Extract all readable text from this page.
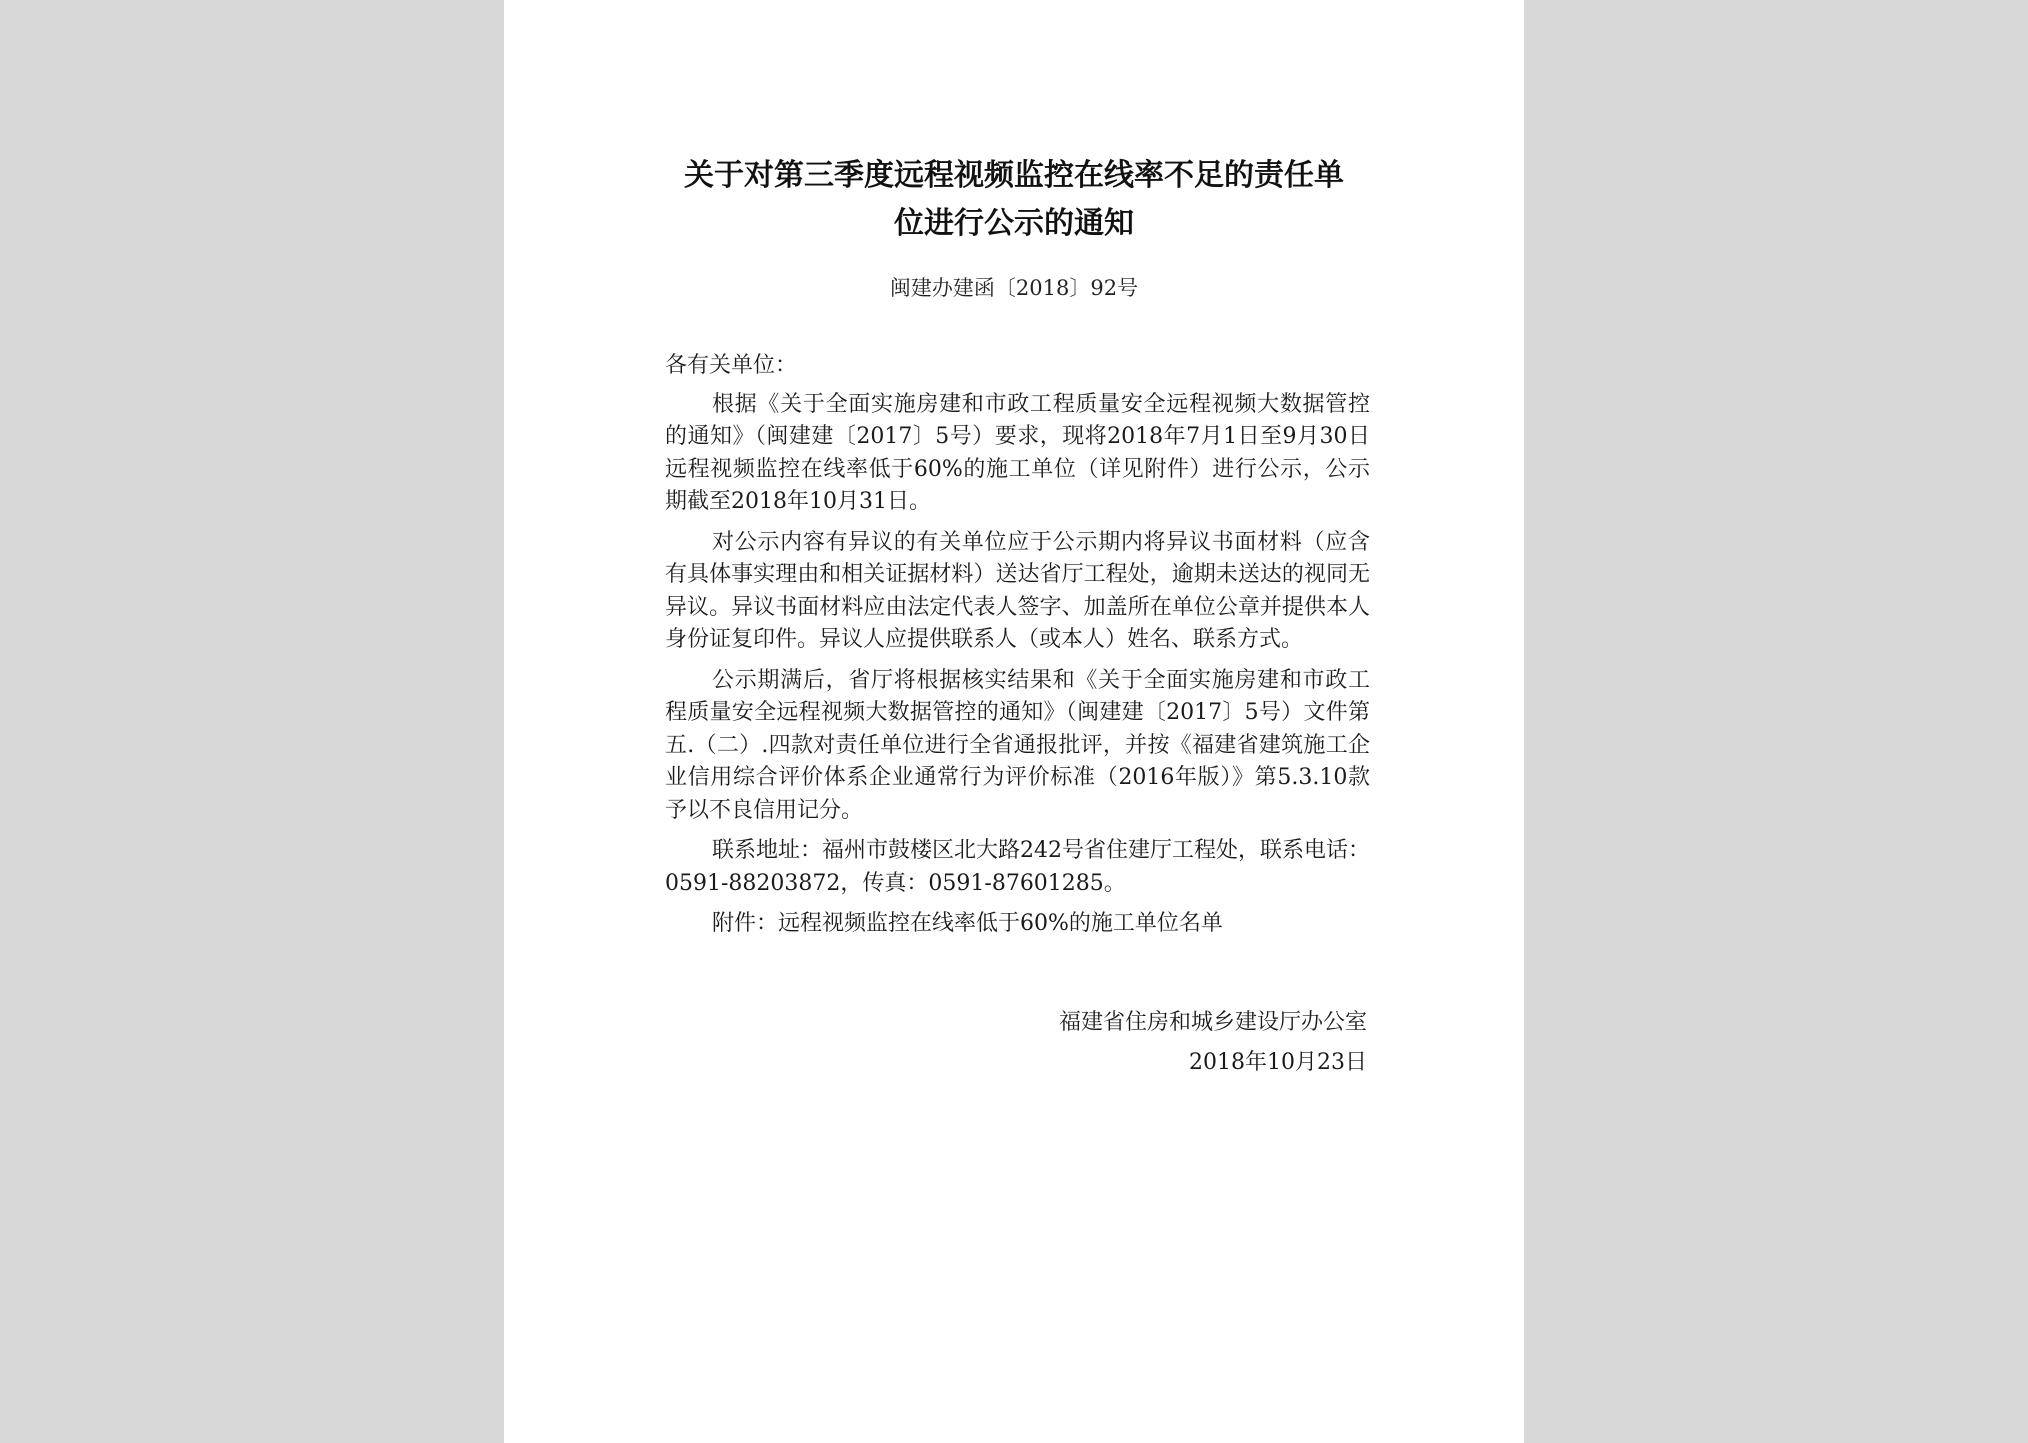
关于对第三季度远程视频监控在线率不足的责任单
位进行公示的通知

闽建办建函〔2018〕92号

各有关单位：

根据《关于全面实施房建和市政工程质量安全远程视频大数据管控的通知》（闽建建〔2017〕5号）要求，现将2018年7月1日至9月30日远程视频监控在线率低于60%的施工单位（详见附件）进行公示，公示期截至2018年10月31日。

对公示内容有异议的有关单位应于公示期内将异议书面材料（应含有具体事实理由和相关证据材料）送达省厅工程处，逾期未送达的视同无异议。异议书面材料应由法定代表人签字、加盖所在单位公章并提供本人身份证复印件。异议人应提供联系人（或本人）姓名、联系方式。

公示期满后，省厅将根据核实结果和《关于全面实施房建和市政工程质量安全远程视频大数据管控的通知》（闽建建〔2017〕5号）文件第五.（二）.四款对责任单位进行全省通报批评，并按《福建省建筑施工企业信用综合评价体系企业通常行为评价标准（2016年版）》第5.3.10款予以不良信用记分。

联系地址：福州市鼓楼区北大路242号省住建厅工程处，联系电话：0591-88203872，传真：0591-87601285。

附件：远程视频监控在线率低于60%的施工单位名单

福建省住房和城乡建设厅办公室
2018年10月23日
